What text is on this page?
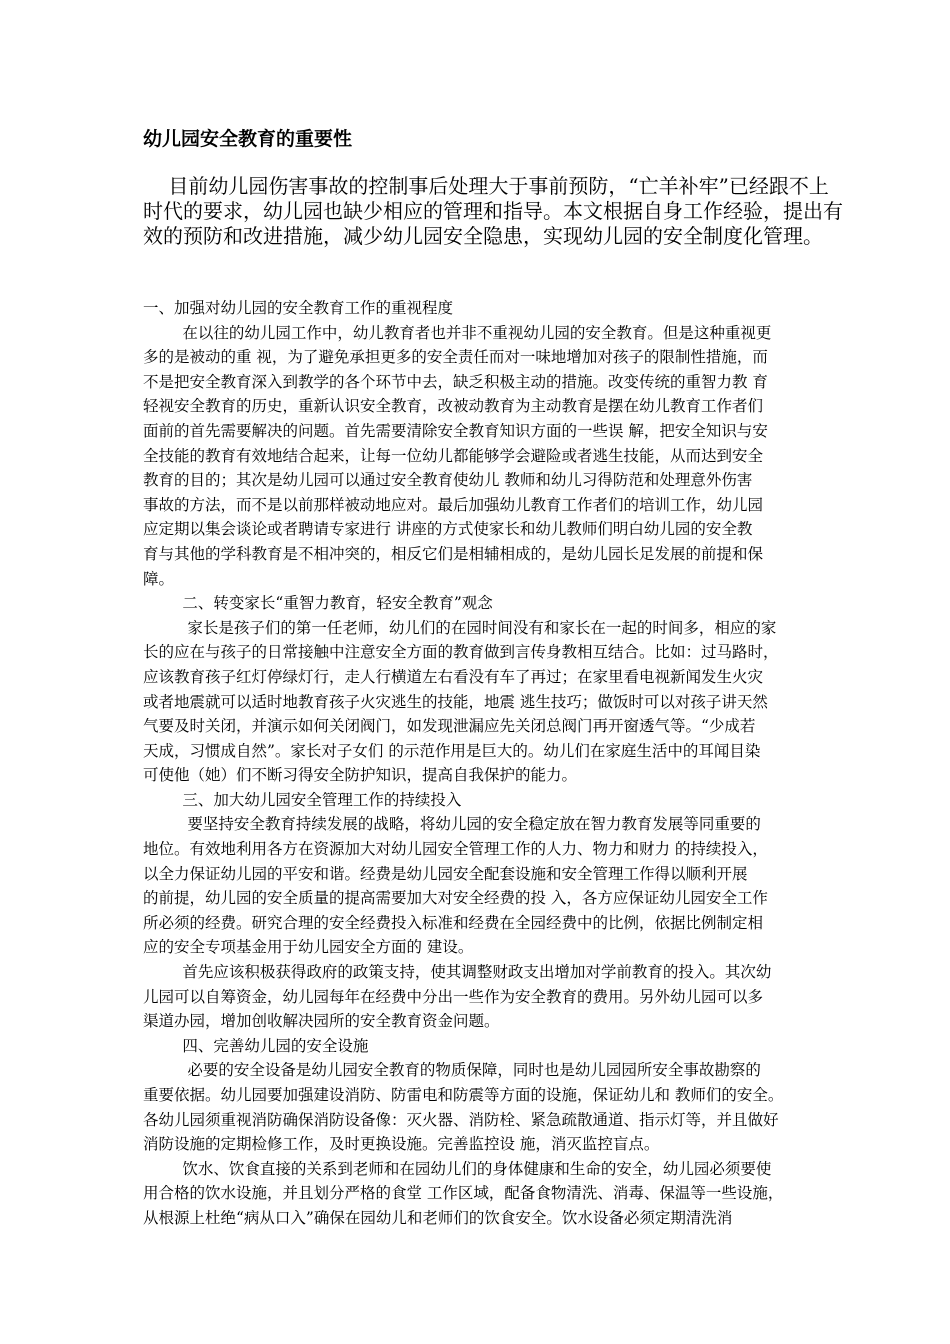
幼儿园安全教育的重要性
目前幼儿园伤害事故的控制事后处理大于事前预防，“亡羊补牢”已经跟不上
时代的要求，幼儿园也缺少相应的管理和指导。本文根据自身工作经验，提出有
效的预防和改进措施，减少幼儿园安全隐患，实现幼儿园的安全制度化管理。
一、加强对幼儿园的安全教育工作的重视程度
在以往的幼儿园工作中，幼儿教育者也并非不重视幼儿园的安全教育。但是这种重视更
多的是被动的重 视，为了避免承担更多的安全责任而对一味地增加对孩子的限制性措施，而
不是把安全教育深入到教学的各个环节中去，缺乏积极主动的措施。改变传统的重智力教 育
轻视安全教育的历史，重新认识安全教育，改被动教育为主动教育是摆在幼儿教育工作者们
面前的首先需要解决的问题。首先需要清除安全教育知识方面的一些误 解，把安全知识与安
全技能的教育有效地结合起来，让每一位幼儿都能够学会避险或者逃生技能，从而达到安全
教育的目的；其次是幼儿园可以通过安全教育使幼儿 教师和幼儿习得防范和处理意外伤害
事故的方法，而不是以前那样被动地应对。最后加强幼儿教育工作者们的培训工作，幼儿园
应定期以集会谈论或者聘请专家进行 讲座的方式使家长和幼儿教师们明白幼儿园的安全教
育与其他的学科教育是不相冲突的，相反它们是相辅相成的，是幼儿园长足发展的前提和保
障。
二、转变家长“重智力教育，轻安全教育”观念
家长是孩子们的第一任老师，幼儿们的在园时间没有和家长在一起的时间多，相应的家
长的应在与孩子的日常接触中注意安全方面的教育做到言传身教相互结合。比如：过马路时，
应该教育孩子红灯停绿灯行，走人行横道左右看没有车了再过；在家里看电视新闻发生火灾
或者地震就可以适时地教育孩子火灾逃生的技能，地震 逃生技巧；做饭时可以对孩子讲天然
气要及时关闭，并演示如何关闭阀门，如发现泄漏应先关闭总阀门再开窗透气等。“少成若
天成，习惯成自然”。家长对子女们 的示范作用是巨大的。幼儿们在家庭生活中的耳闻目染
可使他（她）们不断习得安全防护知识，提高自我保护的能力。
三、加大幼儿园安全管理工作的持续投入
要坚持安全教育持续发展的战略，将幼儿园的安全稳定放在智力教育发展等同重要的
地位。有效地利用各方在资源加大对幼儿园安全管理工作的人力、物力和财力 的持续投入，
以全力保证幼儿园的平安和谐。经费是幼儿园安全配套设施和安全管理工作得以顺利开展
的前提，幼儿园的安全质量的提高需要加大对安全经费的投 入，各方应保证幼儿园安全工作
所必须的经费。研究合理的安全经费投入标准和经费在全园经费中的比例，依据比例制定相
应的安全专项基金用于幼儿园安全方面的 建设。
首先应该积极获得政府的政策支持，使其调整财政支出增加对学前教育的投入。其次幼
儿园可以自筹资金，幼儿园每年在经费中分出一些作为安全教育的费用。另外幼儿园可以多
渠道办园，增加创收解决园所的安全教育资金问题。
四、完善幼儿园的安全设施
必要的安全设备是幼儿园安全教育的物质保障，同时也是幼儿园园所安全事故勘察的
重要依据。幼儿园要加强建设消防、防雷电和防震等方面的设施，保证幼儿和 教师们的安全。
各幼儿园须重视消防确保消防设备像：灭火器、消防栓、紧急疏散通道、指示灯等，并且做好
消防设施的定期检修工作，及时更换设施。完善监控设 施，消灭监控盲点。
饮水、饮食直接的关系到老师和在园幼儿们的身体健康和生命的安全，幼儿园必须要使
用合格的饮水设施，并且划分严格的食堂 工作区域，配备食物清洗、消毒、保温等一些设施，
从根源上杜绝“病从口入”确保在园幼儿和老师们的饮食安全。饮水设备必须定期清洗消
